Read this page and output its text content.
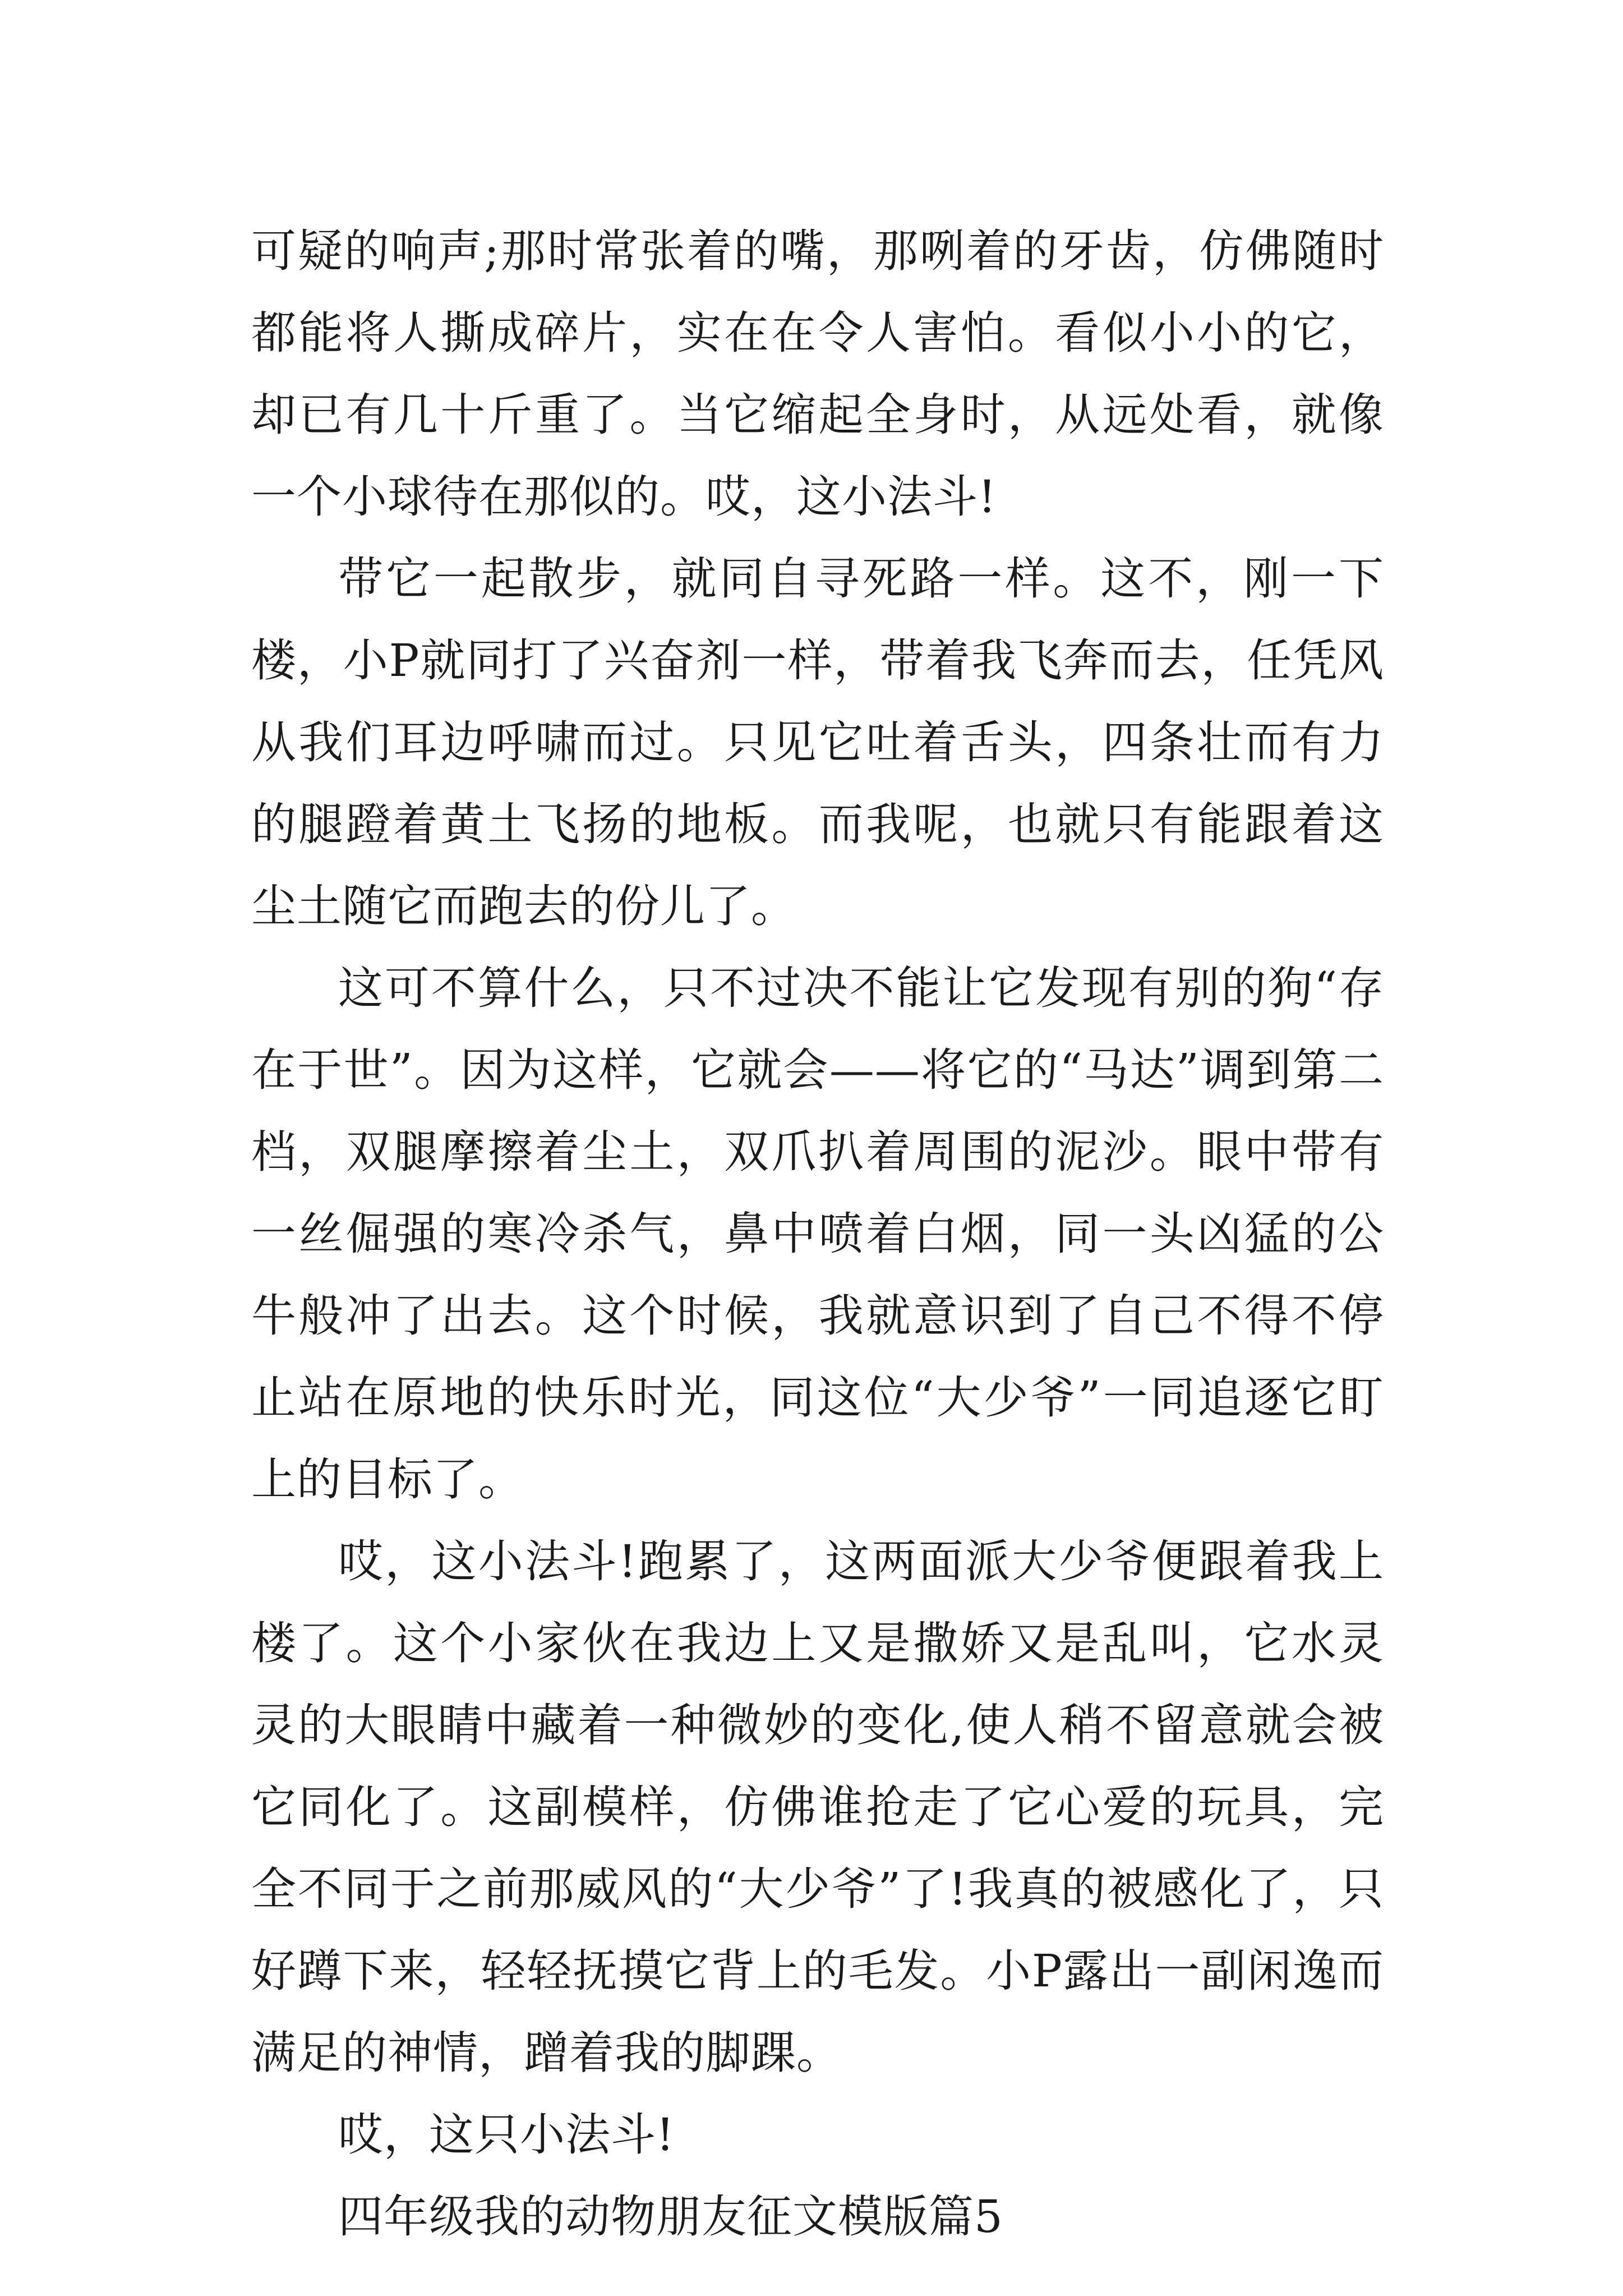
可疑的响声;那时常张着的嘴，那咧着的牙齿，仿佛随时都能将人撕成碎片，实在在令人害怕。看似小小的它，却已有几十斤重了。当它缩起全身时，从远处看，就像一个小球待在那似的。哎，这小法斗!

带它一起散步，就同自寻死路一样。这不，刚一下楼，小P就同打了兴奋剂一样，带着我飞奔而去，任凭风从我们耳边呼啸而过。只见它吐着舌头，四条壮而有力的腿蹬着黄土飞扬的地板。而我呢，也就只有能跟着这尘土随它而跑去的份儿了。

这可不算什么，只不过决不能让它发现有别的狗“存在于世”。因为这样，它就会——将它的“马达”调到第二档，双腿摩擦着尘土，双爪扒着周围的泥沙。眼中带有一丝倔强的寒冷杀气，鼻中喷着白烟，同一头凶猛的公牛般冲了出去。这个时候，我就意识到了自己不得不停止站在原地的快乐时光，同这位“大少爷”一同追逐它盯上的目标了。

哎，这小法斗!跑累了，这两面派大少爷便跟着我上楼了。这个小家伙在我边上又是撒娇又是乱叫，它水灵灵的大眼睛中藏着一种微妙的变化,使人稍不留意就会被它同化了。这副模样，仿佛谁抢走了它心爱的玩具，完全不同于之前那威风的“大少爷”了!我真的被感化了，只好蹲下来，轻轻抚摸它背上的毛发。小P露出一副闲逸而满足的神情，蹭着我的脚踝。

哎，这只小法斗!

四年级我的动物朋友征文模版篇5
